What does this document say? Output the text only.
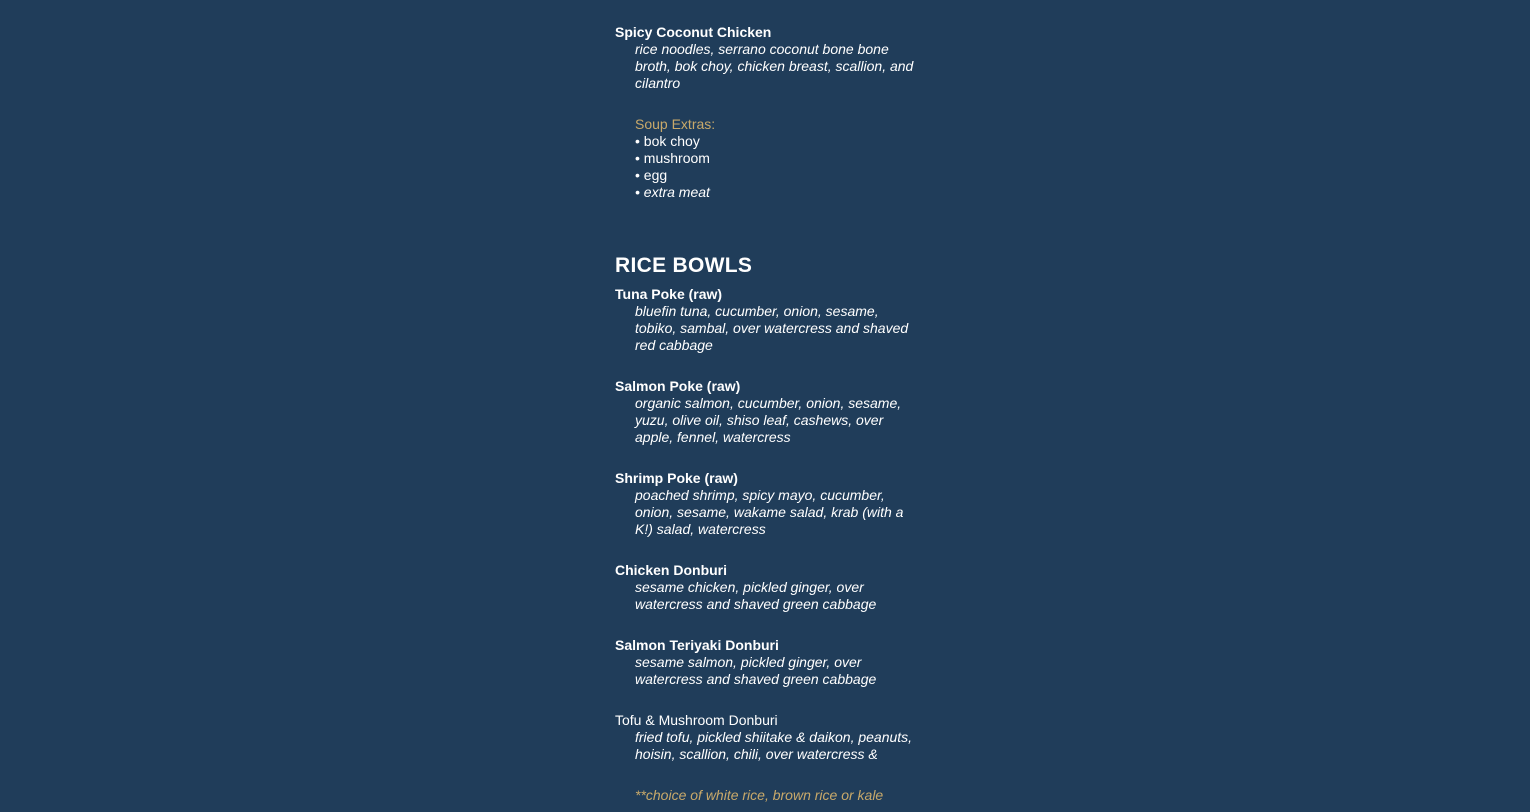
Spicy Coconut Chicken

rice noodles, serrano coconut bone bone broth, bok choy, chicken breast, scallion, and cilantro

Soup Extras:
• bok choy
• mushroom
• egg
• extra meat
RICE BOWLS

Tuna Poke (raw)

bluefin tuna, cucumber, onion, sesame, tobiko, sambal, over watercress and shaved red cabbage

Salmon Poke (raw)

organic salmon, cucumber, onion, sesame, yuzu, olive oil, shiso leaf, cashews, over apple, fennel, watercress

Shrimp Poke (raw)

poached shrimp, spicy mayo, cucumber, onion, sesame, wakame salad, krab (with a K!) salad, watercress

Chicken Donburi

sesame chicken, pickled ginger, over watercress and shaved green cabbage

Salmon Teriyaki Donburi

sesame salmon, pickled ginger, over watercress and shaved green cabbage

Tofu & Mushroom Donburi

fried tofu, pickled shiitake & daikon, peanuts, hoisin, scallion, chili, over watercress &

**choice of white rice, brown rice or kale
